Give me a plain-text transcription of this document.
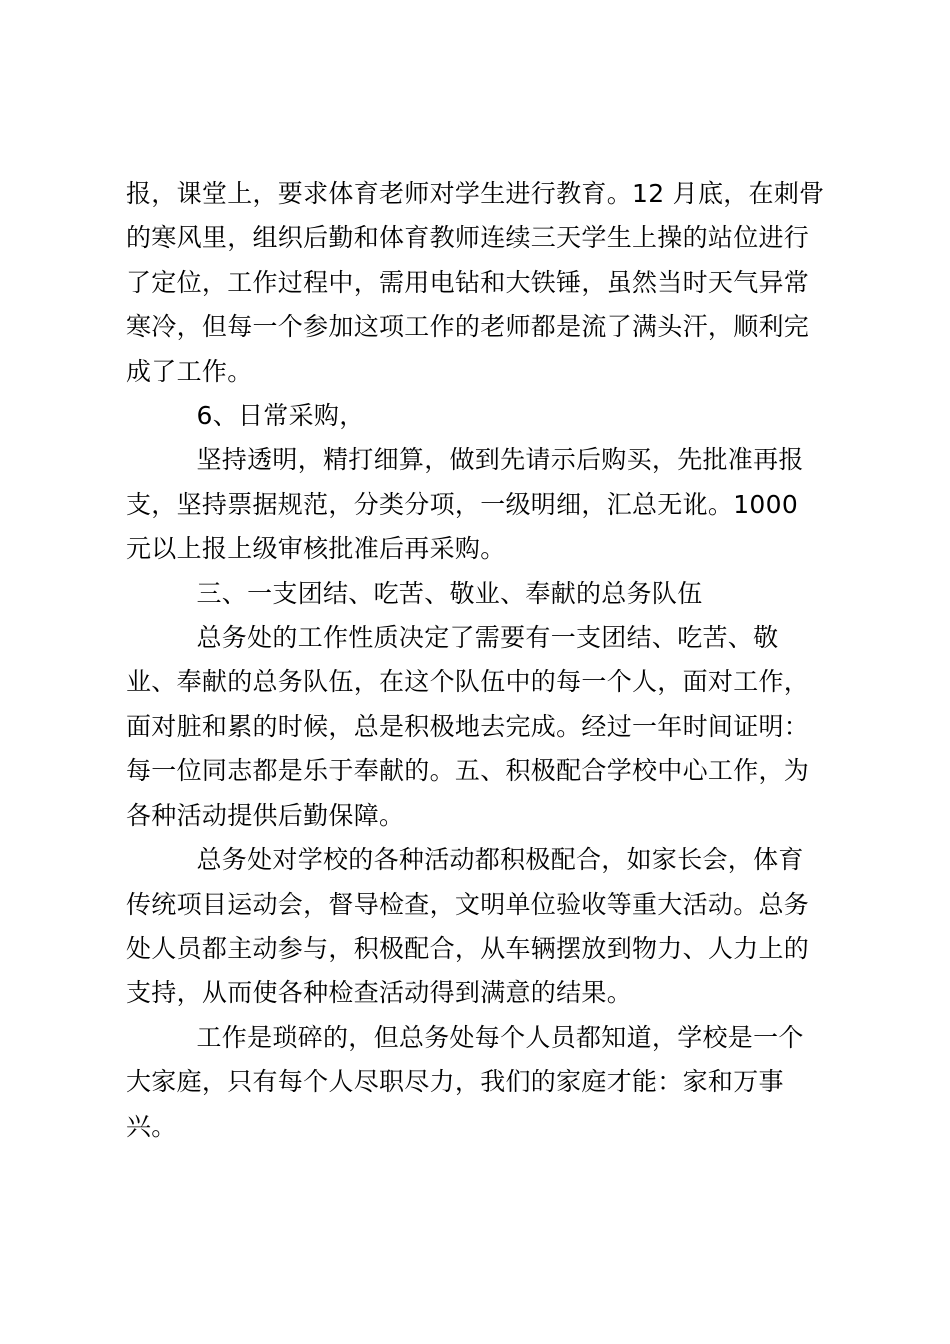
报，课堂上，要求体育老师对学生进行教育。12 月底，在刺骨的寒风里，组织后勤和体育教师连续三天学生上操的站位进行了定位，工作过程中，需用电钻和大铁锤，虽然当时天气异常寒冷，但每一个参加这项工作的老师都是流了满头汗，顺利完成了工作。

6、日常采购，

坚持透明，精打细算，做到先请示后购买，先批准再报支，坚持票据规范，分类分项，一级明细，汇总无讹。1000 元以上报上级审核批准后再采购。

三、一支团结、吃苦、敬业、奉献的总务队伍

总务处的工作性质决定了需要有一支团结、吃苦、敬业、奉献的总务队伍，在这个队伍中的每一个人，面对工作，面对脏和累的时候，总是积极地去完成。经过一年时间证明：每一位同志都是乐于奉献的。五、积极配合学校中心工作，为各种活动提供后勤保障。

总务处对学校的各种活动都积极配合，如家长会，体育传统项目运动会，督导检查，文明单位验收等重大活动。总务处人员都主动参与，积极配合，从车辆摆放到物力、人力上的支持，从而使各种检查活动得到满意的结果。

工作是琐碎的，但总务处每个人员都知道，学校是一个大家庭，只有每个人尽职尽力，我们的家庭才能：家和万事兴。
